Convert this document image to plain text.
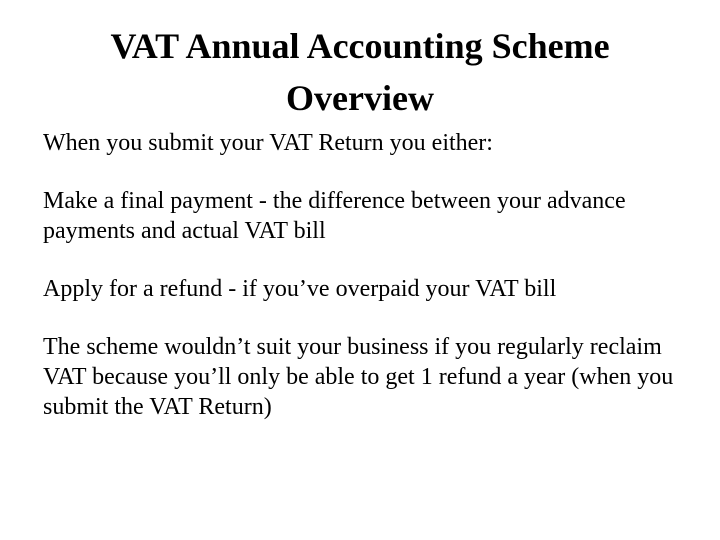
VAT Annual Accounting Scheme
Overview

When you submit your VAT Return you either:

Make a final payment - the difference between your advance payments and actual VAT bill

Apply for a refund - if you’ve overpaid your VAT bill

The scheme wouldn’t suit your business if you regularly reclaim VAT because you’ll only be able to get 1 refund a year (when you submit the VAT Return)
